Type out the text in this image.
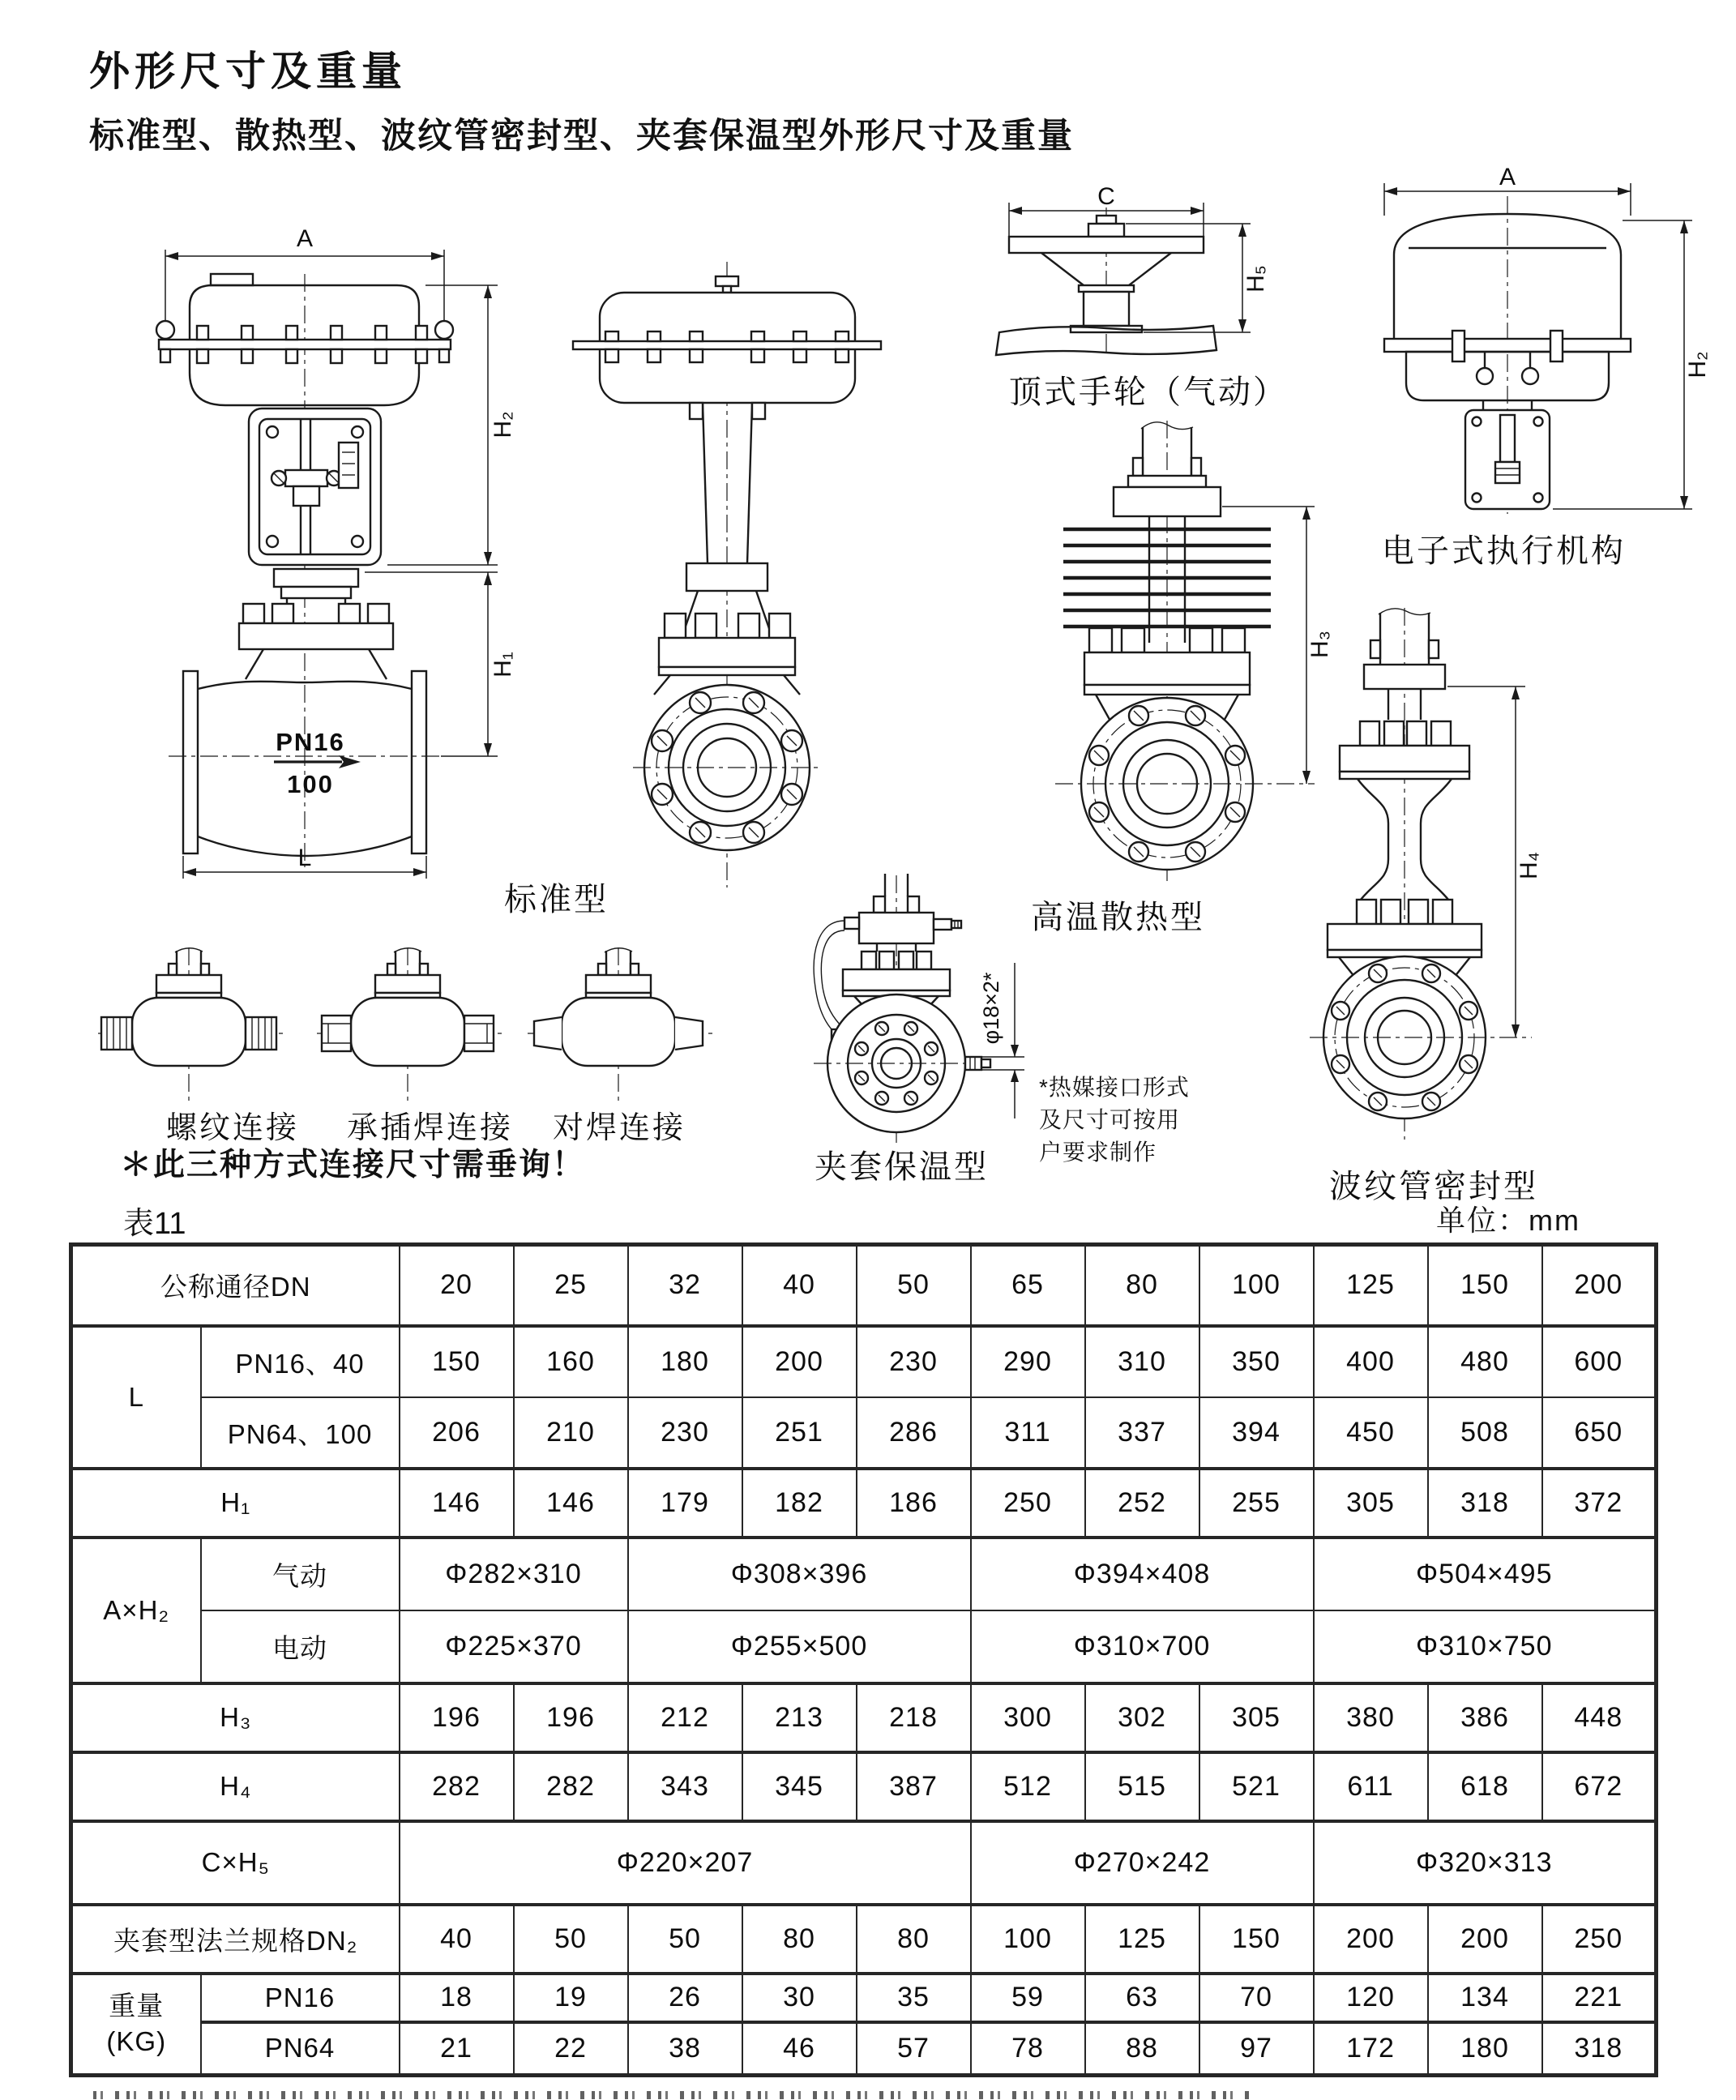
外形尺寸及重量
标准型、散热型、波纹管密封型、夹套保温型外形尺寸及重量
A
PN16
100
H₂
H₁
L
标准型
C
H₅
顶式手轮（气动）
A
H₂
电子式执行机构
H₃
高温散热型
H₄
波纹管密封型
φ18×2*
夹套保温型
*热媒接口形式
及尺寸可按用
户要求制作
螺纹连接 承插焊连接 对焊连接
＊此三种方式连接尺寸需垂询！
表11	单位：mm
公称通径DN		20	25	32	40	50	65	80	100	125	150	200
L	PN16、40	150	160	180	200	230	290	310	350	400	480	600
	PN64、100	206	210	230	251	286	311	337	394	450	508	650
H₁		146	146	179	182	186	250	252	255	305	318	372
A×H₂	气动	Φ282×310		Φ308×396			Φ394×408			Φ504×495		
	电动	Φ225×370		Φ255×500			Φ310×700			Φ310×750		
H₃		196	196	212	213	218	300	302	305	380	386	448
H₄		282	282	343	345	387	512	515	521	611	618	672
C×H₅		Φ220×207					Φ270×242			Φ320×313		
夹套型法兰规格DN₂		40	50	50	80	80	100	125	150	200	200	250

重量
(KG)	PN16	18	19	26	30	35	59	63	70	120	134	221
	PN64	21	22	38	46	57	78	88	97	172	180	318
